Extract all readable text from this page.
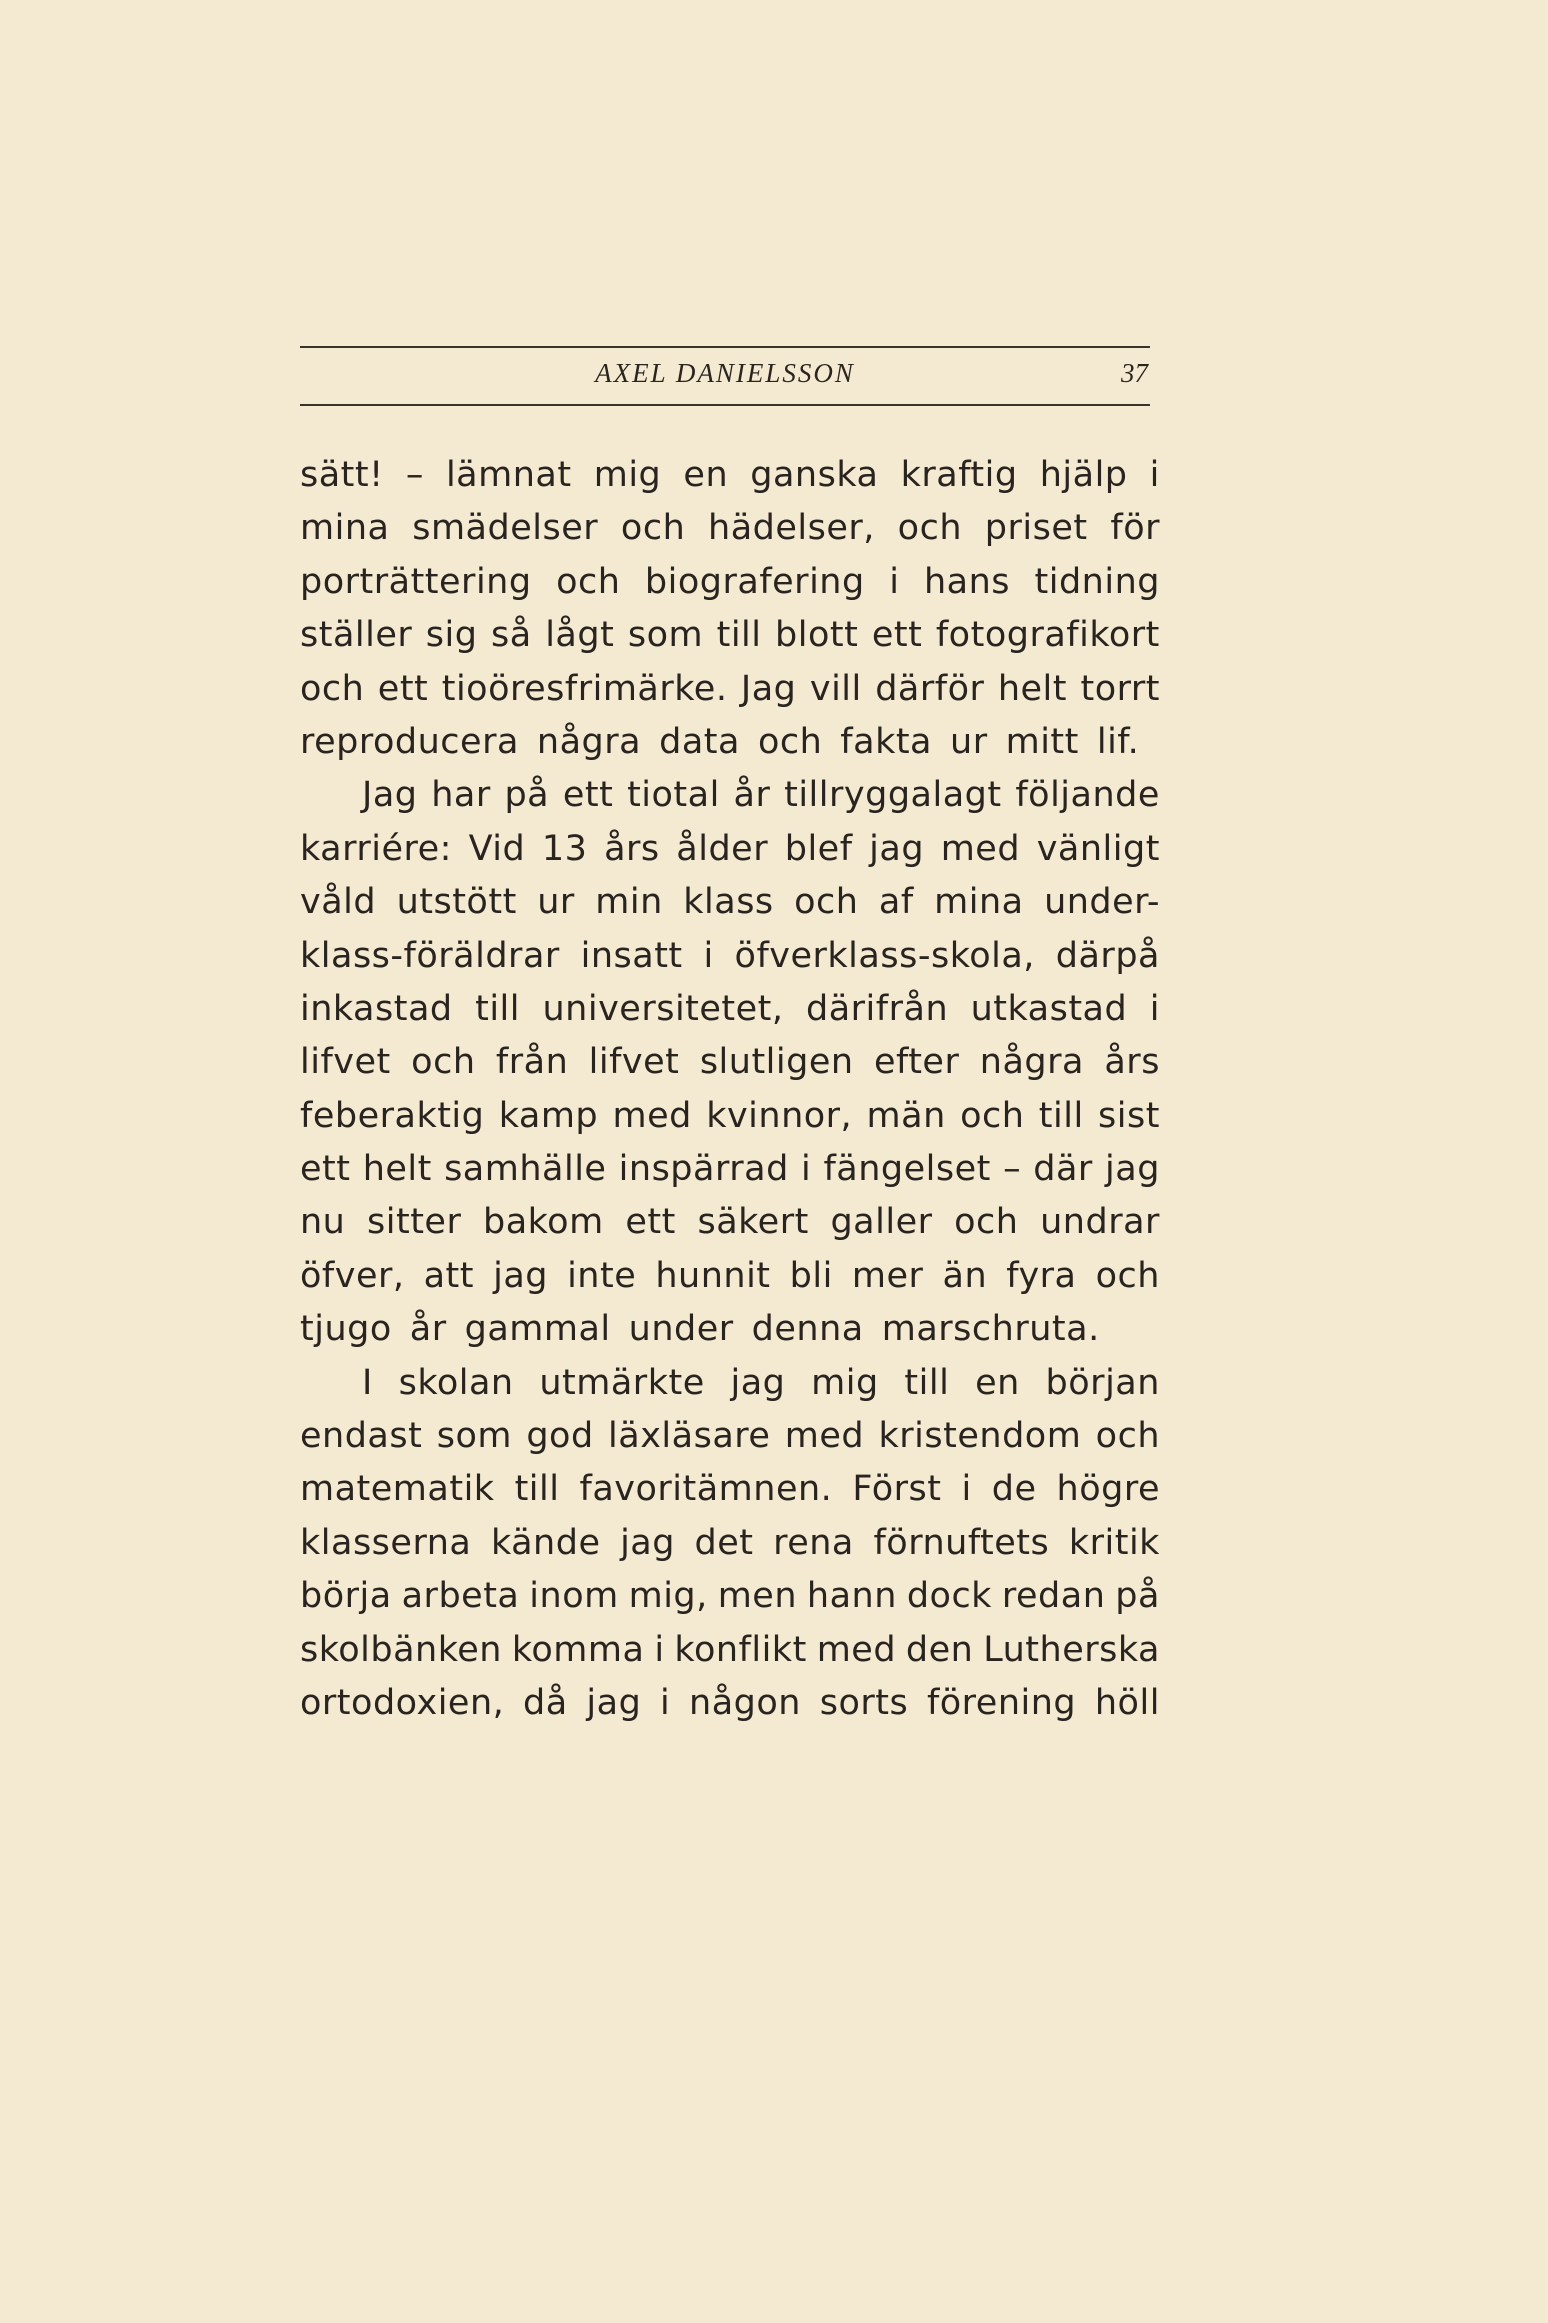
AXEL DANIELSSON	37
sätt! – lämnat mig en ganska kraftig hjälp i
mina smädelser och hädelser, och priset för
porträttering och biografering i hans tidning
ställer sig så lågt som till blott ett fotografikort
och ett tioöresfrimärke. Jag vill därför helt torrt
reproducera några data och fakta ur mitt lif.
Jag har på ett tiotal år tillryggalagt följande
karriére: Vid 13 års ålder blef jag med vänligt
våld utstött ur min klass och af mina under-
klass-föräldrar insatt i öfverklass-skola, därpå
inkastad till universitetet, därifrån utkastad i
lifvet och från lifvet slutligen efter några års
feberaktig kamp med kvinnor, män och till sist
ett helt samhälle inspärrad i fängelset – där jag
nu sitter bakom ett säkert galler och undrar
öfver, att jag inte hunnit bli mer än fyra och
tjugo år gammal under denna marschruta.
I skolan utmärkte jag mig till en början
endast som god läxläsare med kristendom och
matematik till favoritämnen. Först i de högre
klasserna kände jag det rena förnuftets kritik
börja arbeta inom mig, men hann dock redan på
skolbänken komma i konflikt med den Lutherska
ortodoxien, då jag i någon sorts förening höll
